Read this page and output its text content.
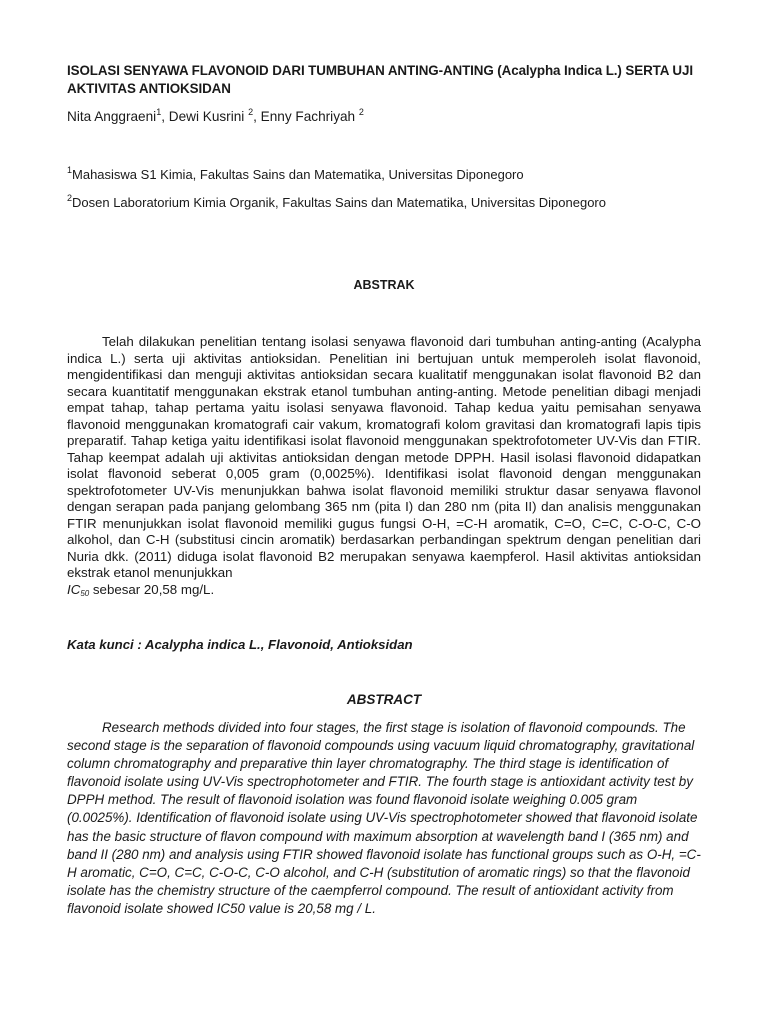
ISOLASI SENYAWA FLAVONOID DARI TUMBUHAN ANTING-ANTING (Acalypha Indica L.) SERTA UJI AKTIVITAS ANTIOKSIDAN
Nita Anggraeni$^1$, Dewi Kusrini $^2$, Enny Fachriyah $^2$
$^1$Mahasiswa S1 Kimia, Fakultas Sains dan Matematika, Universitas Diponegoro
$^2$Dosen Laboratorium Kimia Organik, Fakultas Sains dan Matematika, Universitas Diponegoro
ABSTRAK

Telah dilakukan penelitian tentang isolasi senyawa flavonoid dari tumbuhan anting-anting (Acalypha indica L.) serta uji aktivitas antioksidan. Penelitian ini bertujuan untuk memperoleh isolat flavonoid, mengidentifikasi dan menguji aktivitas antioksidan secara kualitatif menggunakan isolat flavonoid B2 dan secara kuantitatif menggunakan ekstrak etanol tumbuhan anting-anting. Metode penelitian dibagi menjadi empat tahap, tahap pertama yaitu isolasi senyawa flavonoid. Tahap kedua yaitu pemisahan senyawa flavonoid menggunakan kromatografi cair vakum, kromatografi kolom gravitasi dan kromatografi lapis tipis preparatif. Tahap ketiga yaitu identifikasi isolat flavonoid menggunakan spektrofotometer UV-Vis dan FTIR. Tahap keempat adalah uji aktivitas antioksidan dengan metode DPPH. Hasil isolasi flavonoid didapatkan isolat flavonoid seberat 0,005 gram (0,0025%). Identifikasi isolat flavonoid dengan menggunakan spektrofotometer UV-Vis menunjukkan bahwa isolat flavonoid memiliki struktur dasar senyawa flavonol dengan serapan pada panjang gelombang 365 nm (pita I) dan 280 nm (pita II) dan analisis menggunakan FTIR menunjukkan isolat flavonoid memiliki gugus fungsi O-H, =C-H aromatik, C=O, C=C, C-O-C, C-O alkohol, dan C-H (substitusi cincin aromatik) berdasarkan perbandingan spektrum dengan penelitian dari Nuria dkk. (2011) diduga isolat flavonoid B2 merupakan senyawa kaempferol. Hasil aktivitas antioksidan ekstrak etanol menunjukkan
IC50 sebesar 20,58 mg/L.

Kata kunci : Acalypha indica L., Flavonoid, Antioksidan
ABSTRACT

Research methods divided into four stages, the first stage is isolation of flavonoid compounds. The second stage is the separation of flavonoid compounds using vacuum liquid chromatography, gravitational column chromatography and preparative thin layer chromatography. The third stage is identification of flavonoid isolate using UV-Vis spectrophotometer and FTIR. The fourth stage is antioxidant activity test by DPPH method. The result of flavonoid isolation was found flavonoid isolate weighing 0.005 gram (0.0025%). Identification of flavonoid isolate using UV-Vis spectrophotometer showed that flavonoid isolate has the basic structure of flavon compound with maximum absorption at wavelength band I (365 nm) and band II (280 nm) and analysis using FTIR showed flavonoid isolate has functional groups such as O-H, =C-H aromatic, C=O, C=C, C-O-C, C-O alcohol, and C-H (substitution of aromatic rings) so that the flavonoid isolate has the chemistry structure of the caempferrol compound. The result of antioxidant activity from flavonoid isolate showed IC50 value is 20,58 mg / L.
